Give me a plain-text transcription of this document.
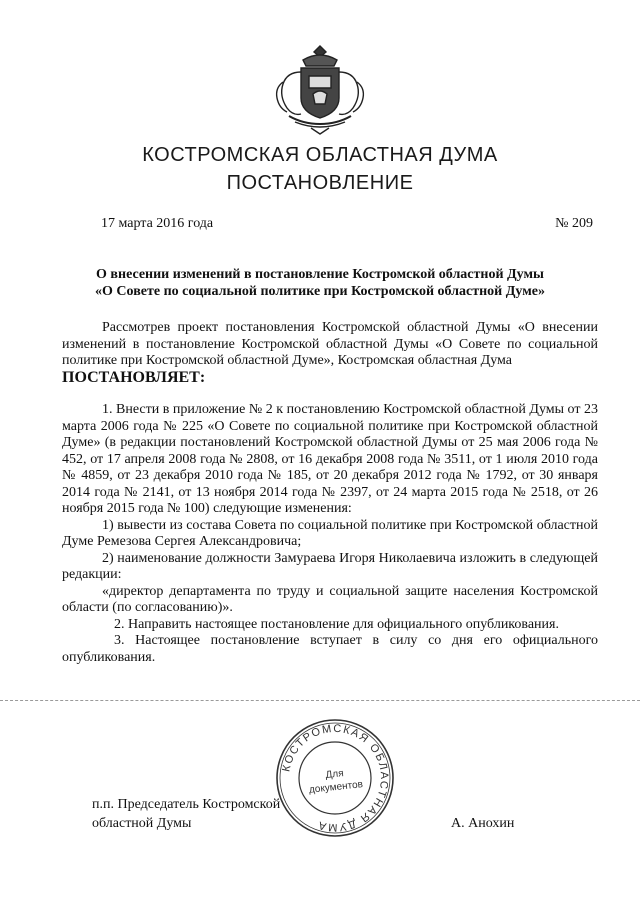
КОСТРОМСКАЯ ОБЛАСТНАЯ ДУМА
ПОСТАНОВЛЕНИЕ
17 марта 2016 года	№ 209
О внесении изменений в постановление Костромской областной Думы
«О Совете по социальной политике при Костромской областной Думе»

Рассмотрев проект постановления Костромской областной Думы «О внесении изменений в постановление Костромской областной Думы «О Совете по социальной политике при Костромской областной Думе», Костромская областная Дума

ПОСТАНОВЛЯЕТ:

1. Внести в приложение № 2 к постановлению Костромской областной Думы от 23 марта 2006 года № 225 «О Совете по социальной политике при Костромской областной Думе» (в редакции постановлений Костромской областной Думы от 25 мая 2006 года № 452, от 17 апреля 2008 года № 2808, от 16 декабря 2008 года № 3511, от 1 июля 2010 года № 4859, от 23 декабря 2010 года № 185, от 20 декабря 2012 года № 1792, от 30 января 2014 года № 2141, от 13 ноября 2014 года № 2397, от 24 марта 2015 года № 2518, от 26 ноября 2015 года № 100) следующие изменения:

1) вывести из состава Совета по социальной политике при Костромской областной Думе Ремезова Сергея Александровича;

2) наименование должности Замураева Игоря Николаевича изложить в следующей редакции:

«директор департамента по труду и социальной защите населения Костромской области (по согласованию)».

2. Направить настоящее постановление для официального опубликования.

3. Настоящее постановление вступает в силу со дня его официального опубликования.

КОСТРОМСКАЯ ОБЛАСТНАЯ ДУМА
Для
документов
п.п. Председатель Костромской
областной Думы	А. Анохин
